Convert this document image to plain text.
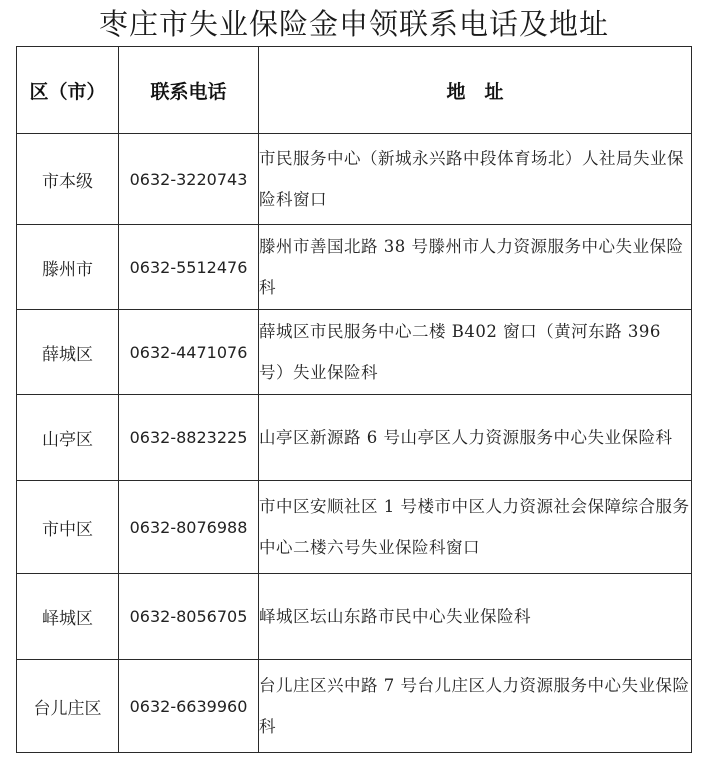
枣庄市失业保险金申领联系电话及地址
区（市）	联系电话	地　址
市本级	0632-3220743	市民服务中心（新城永兴路中段体育场北）人社局失业保险科窗口
滕州市	0632-5512476	滕州市善国北路 38 号滕州市人力资源服务中心失业保险科
薛城区	0632-4471076	薛城区市民服务中心二楼 B402 窗口（黄河东路 396 号）失业保险科
山亭区	0632-8823225	山亭区新源路 6 号山亭区人力资源服务中心失业保险科
市中区	0632-8076988	市中区安顺社区 1 号楼市中区人力资源社会保障综合服务中心二楼六号失业保险科窗口
峄城区	0632-8056705	峄城区坛山东路市民中心失业保险科
台儿庄区	0632-6639960	台儿庄区兴中路 7 号台儿庄区人力资源服务中心失业保险科
